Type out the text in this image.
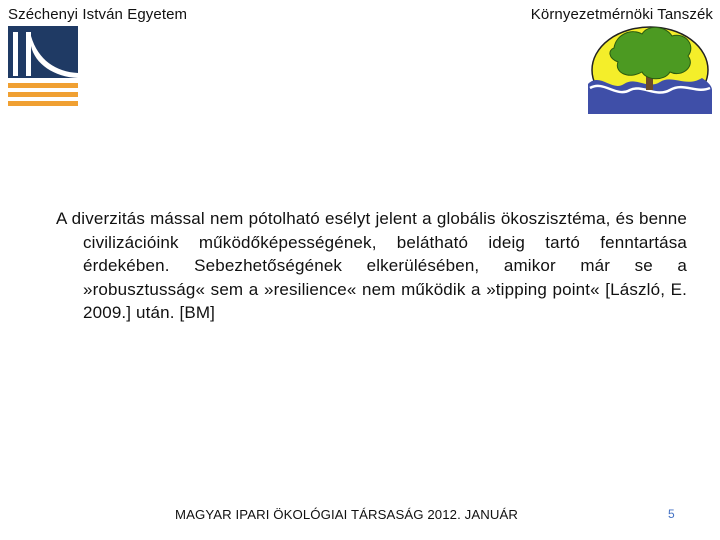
Széchenyi István Egyetem	Környezetmérnöki Tanszék
A diverzitás mással nem pótolható esélyt jelent a globális ökoszisztéma, és benne civilizációink működőképességének, belátható ideig tartó fenntartása érdekében. Sebezhetőségének elkerülésében, amikor már se a »robusztusság« sem a »resilience« nem működik a »tipping point« [László, E. 2009.] után. [BM]
MAGYAR IPARI ÖKOLÓGIAI TÁRSASÁG 2012. JANUÁR	5
